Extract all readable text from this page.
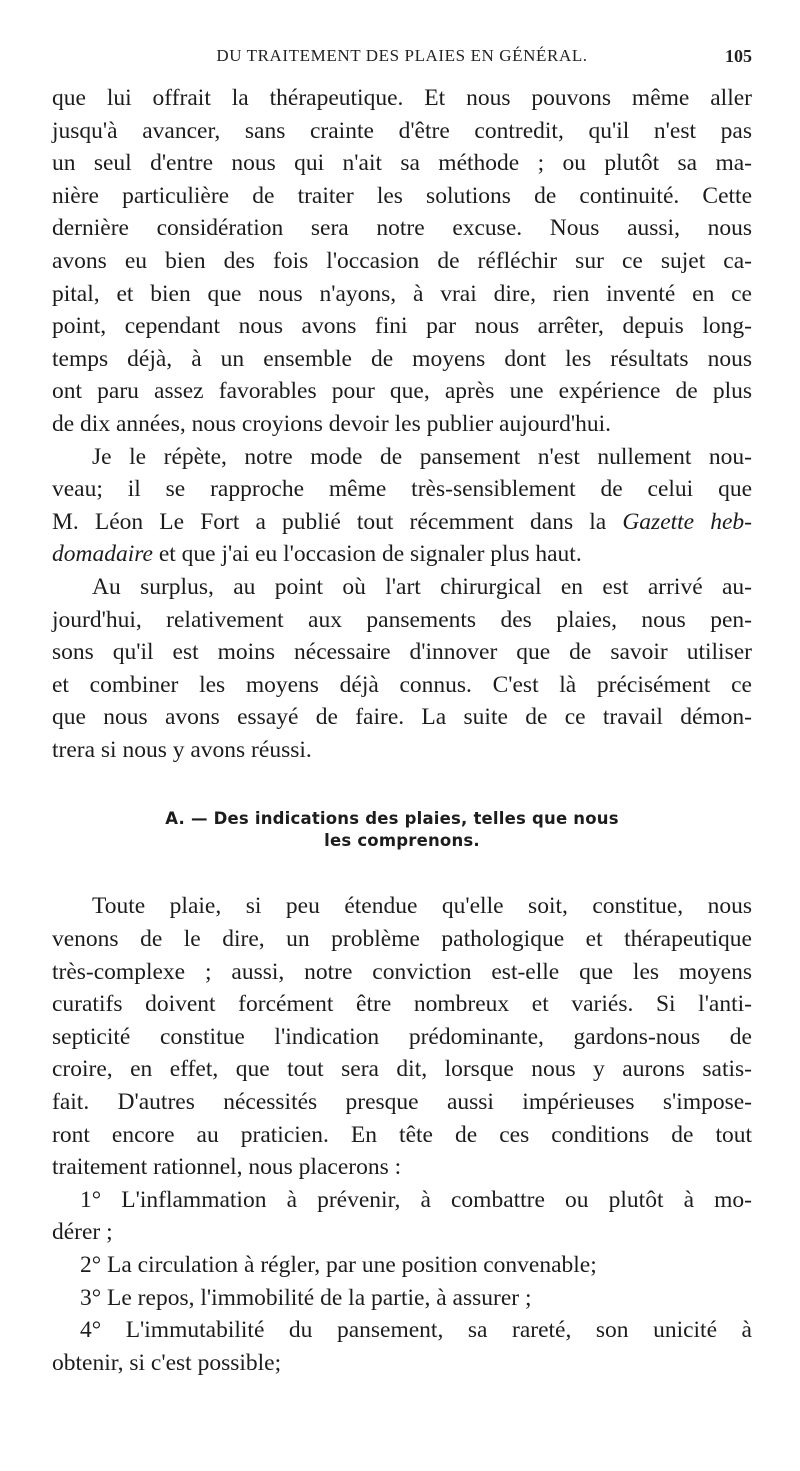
DU TRAITEMENT DES PLAIES EN GÉNÉRAL.	105

que lui offrait la thérapeutique. Et nous pouvons même aller
jusqu'à avancer, sans crainte d'être contredit, qu'il n'est pas
un seul d'entre nous qui n'ait sa méthode ; ou plutôt sa ma-
nière particulière de traiter les solutions de continuité. Cette
dernière considération sera notre excuse. Nous aussi, nous
avons eu bien des fois l'occasion de réfléchir sur ce sujet ca-
pital, et bien que nous n'ayons, à vrai dire, rien inventé en ce
point, cependant nous avons fini par nous arrêter, depuis long-
temps déjà, à un ensemble de moyens dont les résultats nous
ont paru assez favorables pour que, après une expérience de plus
de dix années, nous croyions devoir les publier aujourd'hui.

Je le répète, notre mode de pansement n'est nullement nou-
veau; il se rapproche même très-sensiblement de celui que
M. Léon Le Fort a publié tout récemment dans la Gazette heb-
domadaire et que j'ai eu l'occasion de signaler plus haut.

Au surplus, au point où l'art chirurgical en est arrivé au-
jourd'hui, relativement aux pansements des plaies, nous pen-
sons qu'il est moins nécessaire d'innover que de savoir utiliser
et combiner les moyens déjà connus. C'est là précisément ce
que nous avons essayé de faire. La suite de ce travail démon-
trera si nous y avons réussi.

A. — Des indications des plaies, telles que nous
les comprenons.

Toute plaie, si peu étendue qu'elle soit, constitue, nous
venons de le dire, un problème pathologique et thérapeutique
très-complexe ; aussi, notre conviction est-elle que les moyens
curatifs doivent forcément être nombreux et variés. Si l'anti-
septicité constitue l'indication prédominante, gardons-nous de
croire, en effet, que tout sera dit, lorsque nous y aurons satis-
fait. D'autres nécessités presque aussi impérieuses s'impose-
ront encore au praticien. En tête de ces conditions de tout
traitement rationnel, nous placerons :

1° L'inflammation à prévenir, à combattre ou plutôt à mo-
dérer ;
2° La circulation à régler, par une position convenable;
3° Le repos, l'immobilité de la partie, à assurer ;
4° L'immutabilité du pansement, sa rareté, son unicité à
obtenir, si c'est possible;
